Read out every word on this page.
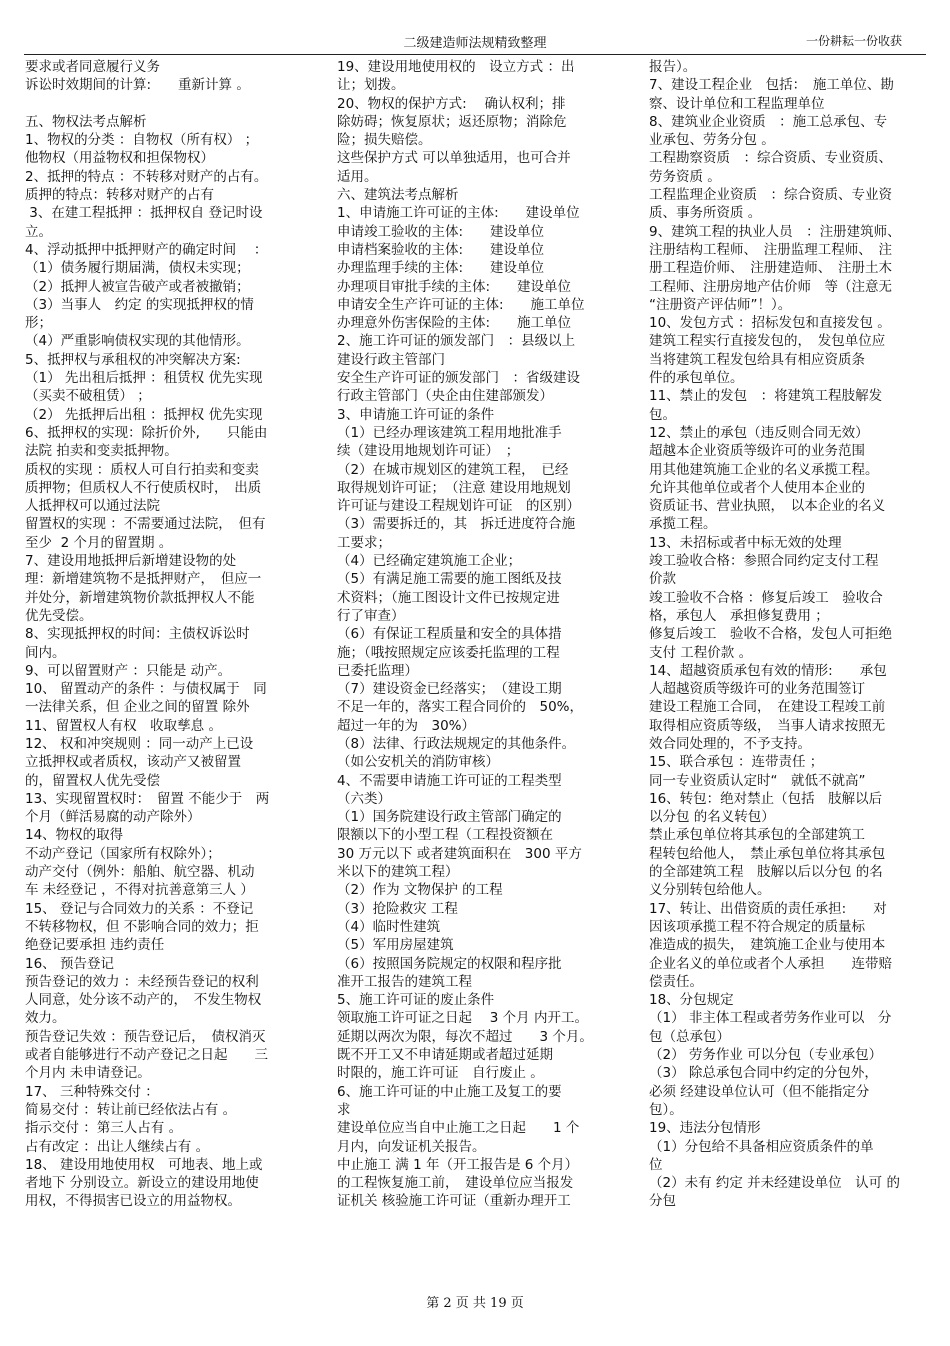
二级建造师法规精致整理	一份耕耘一份收获

要求或者同意履行义务

诉讼时效期间的计算:　　重新计算 。

五、物权法考点解析

1、物权的分类 ：自物权（所有权） ；

他物权（用益物权和担保物权）

2、抵押的特点 ：不转移对财产的占有。

质押的特点：转移对财产的占有

3、在建工程抵押 ：抵押权自 登记时设

立。

4、浮动抵押中抵押财产的确定时间　 ：

（1）债务履行期届满，债权未实现；

（2）抵押人被宣告破产或者被撤销；

（3）当事人　约定 的实现抵押权的情

形；

（4）严重影响债权实现的其他情形。

5、抵押权与承租权的冲突解决方案:

（1） 先出租后抵押 ：租赁权 优先实现

（买卖不破租赁） ；

（2） 先抵押后出租 ：抵押权 优先实现

6、抵押权的实现：除折价外,　　只能由

法院 拍卖和变卖抵押物。

质权的实现 ：质权人可自行拍卖和变卖

质押物；但质权人不行使质权时，　出质

人抵押权可以通过法院

留置权的实现 ：不需要通过法院，　但有

至少  2 个月的留置期 。

7、建设用地抵押后新增建设物的处

理：新增建筑物不是抵押财产，　但应一

并处分，新增建筑物价款抵押权人不能

优先受偿。

8、实现抵押权的时间：主债权诉讼时

间内。

9、可以留置财产 ：只能是 动产。

10、 留置动产的条件 ：与债权属于　同

一法律关系，但 企业之间的留置 除外

11、留置权人有权　收取孳息 。

12、 权和冲突规则 ：同一动产上已设

立抵押权或者质权，该动产又被留置

的，留置权人优先受偿

13、实现留置权时：　留置 不能少于　两

个月（鲜活易腐的动产除外）

14、物权的取得

不动产登记（国家所有权除外）；

动产交付（例外：船舶、航空器、机动

车 未经登记 ，不得对抗善意第三人 ）

15、 登记与合同效力的关系 ：不登记

不转移物权，但 不影响合同的效力；拒

绝登记要承担 违约责任

16、 预告登记

预告登记的效力 ：未经预告登记的权利

人同意，处分该不动产的，　不发生物权

效力。

预告登记失效 ：预告登记后，　债权消灭

或者自能够进行不动产登记之日起　　三

个月内 未申请登记。

17、 三种特殊交付 ：

简易交付 ：转让前已经依法占有 。

指示交付 ：第三人占有 。

占有改定 ：出让人继续占有 。

18、 建设用地使用权　可地表、地上或

者地下 分别设立。新设立的建设用地使

用权，不得损害已设立的用益物权。

19、建设用地使用权的　设立方式 ：出

让；划拨。

20、物权的保护方式:　 确认权利；排

除妨碍；恢复原状；返还原物；消除危

险；损失赔偿。

这些保护方式 可以单独适用，也可合并

适用。

六、建筑法考点解析

1、申请施工许可证的主体:　　建设单位

申请竣工验收的主体:　　建设单位

申请档案验收的主体:　　建设单位

办理监理手续的主体:　　建设单位

办理项目审批手续的主体:　　建设单位

申请安全生产许可证的主体:　　施工单位

办理意外伤害保险的主体:　　施工单位

2、施工许可证的颁发部门　：县级以上

建设行政主管部门

安全生产许可证的颁发部门　：省级建设

行政主管部门（央企由住建部颁发）

3、申请施工许可证的条件

（1）已经办理该建筑工程用地批准手

续（建设用地规划许可证）　；

（2）在城市规划区的建筑工程，　已经

取得规划许可证；　（注意 建设用地规划

许可证与建设工程规划许可证　的区别）

（3）需要拆迁的，其　拆迁进度符合施

工要求；

（4）已经确定建筑施工企业；

（5）有满足施工需要的施工图纸及技

术资料；（施工图设计文件已按规定进

行了审查）

（6）有保证工程质量和安全的具体措

施；（哦按照规定应该委托监理的工程

已委托监理）

（7）建设资金已经落实；　（建设工期

不足一年的，落实工程合同价的　50%，

超过一年的为　30%）

（8）法律、行政法规规定的其他条件。

（如公安机关的消防审核）

4、不需要申请施工许可证的工程类型

（六类）

（1）国务院建设行政主管部门确定的

限额以下的小型工程（工程投资额在

30 万元以下 或者建筑面积在　300 平方

米以下的建筑工程）

（2）作为 文物保护 的工程

（3）抢险救灾 工程

（4）临时性建筑

（5）军用房屋建筑

（6）按照国务院规定的权限和程序批

准开工报告的建筑工程

5、施工许可证的废止条件

领取施工许可证之日起　 3 个月 内开工。

延期以两次为限，每次不超过　　3 个月。

既不开工又不申请延期或者超过延期

时限的，施工许可证　自行废止 。

6、施工许可证的中止施工及复工的要

求

建设单位应当自中止施工之日起　　1 个

月内，向发证机关报告。

中止施工 满 1 年（开工报告是 6 个月）

的工程恢复施工前，　建设单位应当报发

证机关 核验施工许可证（重新办理开工

报告）。

7、建设工程企业　包括：　施工单位、勘

察、设计单位和工程监理单位

8、建筑业企业资质　：施工总承包、专

业承包、劳务分包 。

工程勘察资质　：综合资质、专业资质、

劳务资质 。

工程监理企业资质　：综合资质、专业资

质、事务所资质 。

9、建筑工程的执业人员　：注册建筑师、

注册结构工程师、　注册监理工程师、　注

册工程造价师、　注册建造师、　注册土木

工程师、注册房地产估价师　等（注意无

“注册资产评估师”！）。

10、发包方式 ：招标发包和直接发包 。

建筑工程实行直接发包的，　发包单位应

当将建筑工程发包给具有相应资质条

件的承包单位。

11、禁止的发包　：将建筑工程肢解发

包。

12、禁止的承包（违反则合同无效）

超越本企业资质等级许可的业务范围

用其他建筑施工企业的名义承揽工程。

允许其他单位或者个人使用本企业的

资质证书、营业执照，　以本企业的名义

承揽工程。

13、未招标或者中标无效的处理

竣工验收合格：参照合同约定支付工程

价款

竣工验收不合格 ：修复后竣工　验收合

格，承包人　承担修复费用 ；

修复后竣工　验收不合格，发包人可拒绝

支付 工程价款 。

14、超越资质承包有效的情形:　　承包

人超越资质等级许可的业务范围签订

建设工程施工合同，　在建设工程竣工前

取得相应资质等级，　当事人请求按照无

效合同处理的，不予支持。

15、联合承包 ：连带责任 ；

同一专业资质认定时“　就低不就高”

16、转包：绝对禁止（包括　肢解以后

以分包 的名义转包）

禁止承包单位将其承包的全部建筑工

程转包给他人，　禁止承包单位将其承包

的全部建筑工程　肢解以后以分包 的名

义分别转包给他人。

17、转让、出借资质的责任承担:　　对

因该项承揽工程不符合规定的质量标

准造成的损失，　建筑施工企业与使用本

企业名义的单位或者个人承担　　连带赔

偿责任。

18、分包规定

（1） 非主体工程或者劳务作业可以　分

包（总承包）

（2） 劳务作业 可以分包（专业承包）

（3） 除总承包合同中约定的分包外，

必须 经建设单位认可（但不能指定分

包）。

19、违法分包情形

（1）分包给不具备相应资质条件的单

位

（2）未有 约定 并未经建设单位　认可 的

分包

第 2 页 共 19 页
